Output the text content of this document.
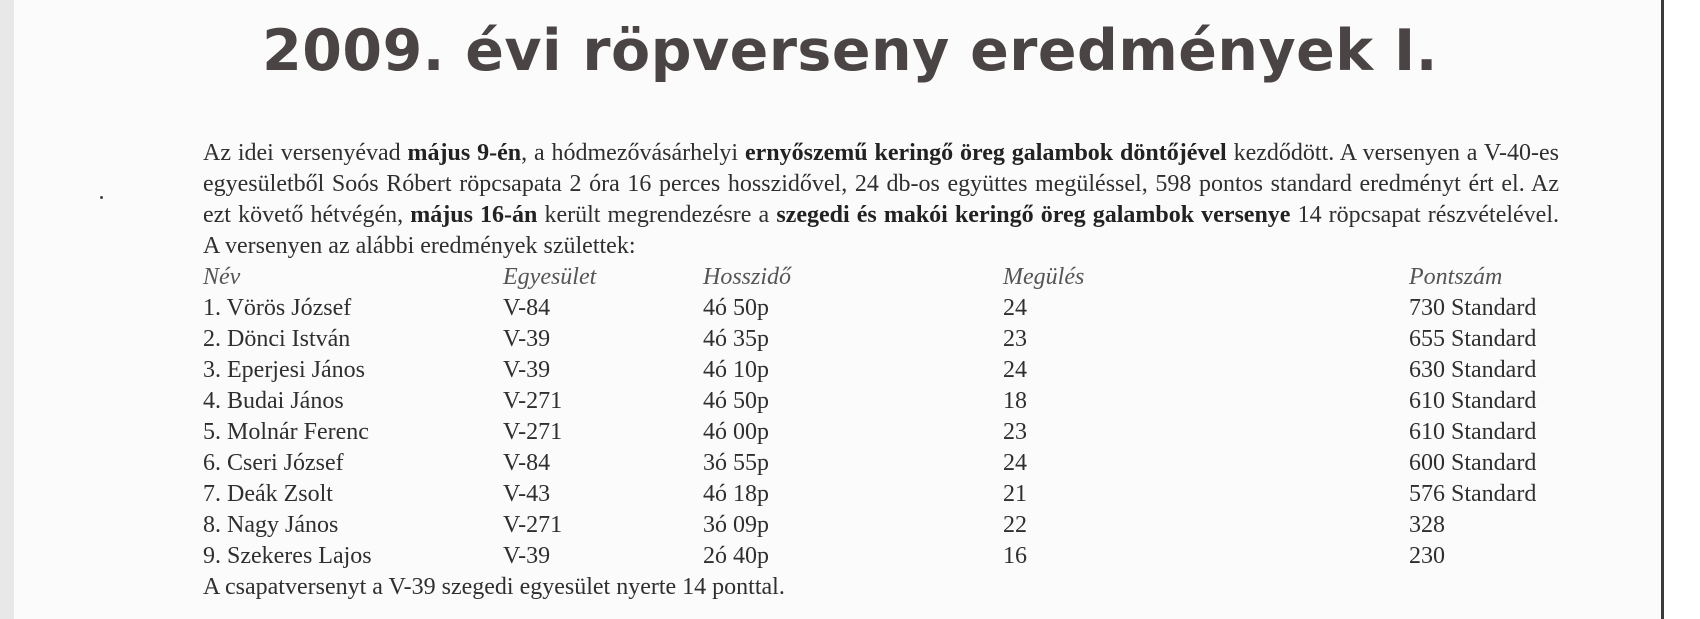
2009. évi röpverseny eredmények I.
Az idei versenyévad május 9-én, a hódmezővásárhelyi ernyőszemű keringő öreg galambok döntőjével kezdődött. A versenyen a V-40-es egyesületből Soós Róbert röpcsapata 2 óra 16 perces hosszidővel, 24 db-os együttes megüléssel, 598 pontos standard eredményt ért el. Az ezt követő hétvégén, május 16-án került megrendezésre a szegedi és makói keringő öreg galambok versenye 14 röpcsapat részvételével. A versenyen az alábbi eredmények születtek:
Név	Egyesület	Hosszidő	Megülés	Pontszám
1. Vörös József	V-84	4ó 50p	24	730 Standard
2. Dönci István	V-39	4ó 35p	23	655 Standard
3. Eperjesi János	V-39	4ó 10p	24	630 Standard
4. Budai János	V-271	4ó 50p	18	610 Standard
5. Molnár Ferenc	V-271	4ó 00p	23	610 Standard
6. Cseri József	V-84	3ó 55p	24	600 Standard
7. Deák Zsolt	V-43	4ó 18p	21	576 Standard
8. Nagy János	V-271	3ó 09p	22	328
9. Szekeres Lajos	V-39	2ó 40p	16	230
A csapatversenyt a V-39 szegedi egyesület nyerte 14 ponttal.
